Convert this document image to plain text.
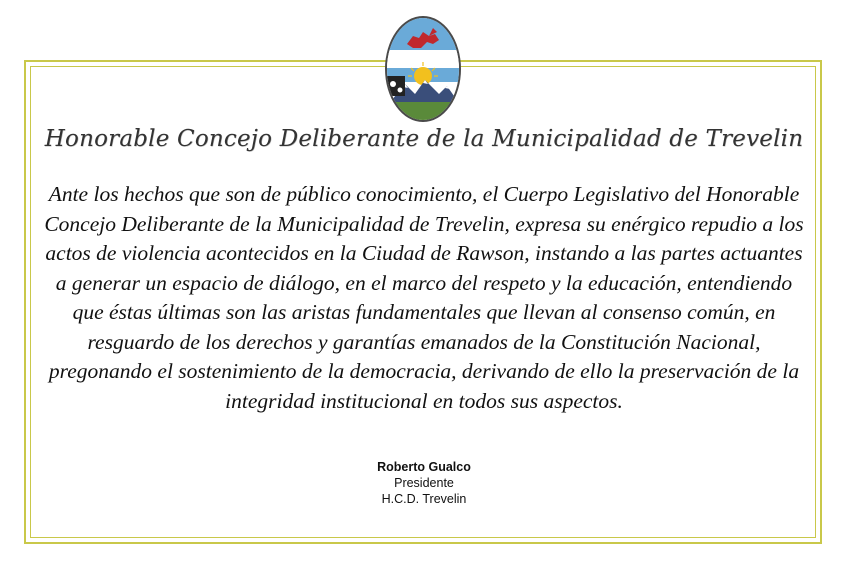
Honorable Concejo Deliberante de la Municipalidad de Trevelin

Ante los hechos que son de público conocimiento, el Cuerpo Legislativo del Honorable Concejo Deliberante de la Municipalidad de Trevelin, expresa su enérgico repudio a los actos de violencia acontecidos en la Ciudad de Rawson, instando a las partes actuantes a generar un espacio de diálogo, en el marco del respeto y la educación, entendiendo que éstas últimas son las aristas fundamentales que llevan al consenso común, en resguardo de los derechos y garantías emanados de la Constitución Nacional, pregonando el sostenimiento de la democracia, derivando de ello la preservación de la integridad institucional en todos sus aspectos.

Roberto Gualco
Presidente
H.C.D. Trevelin
